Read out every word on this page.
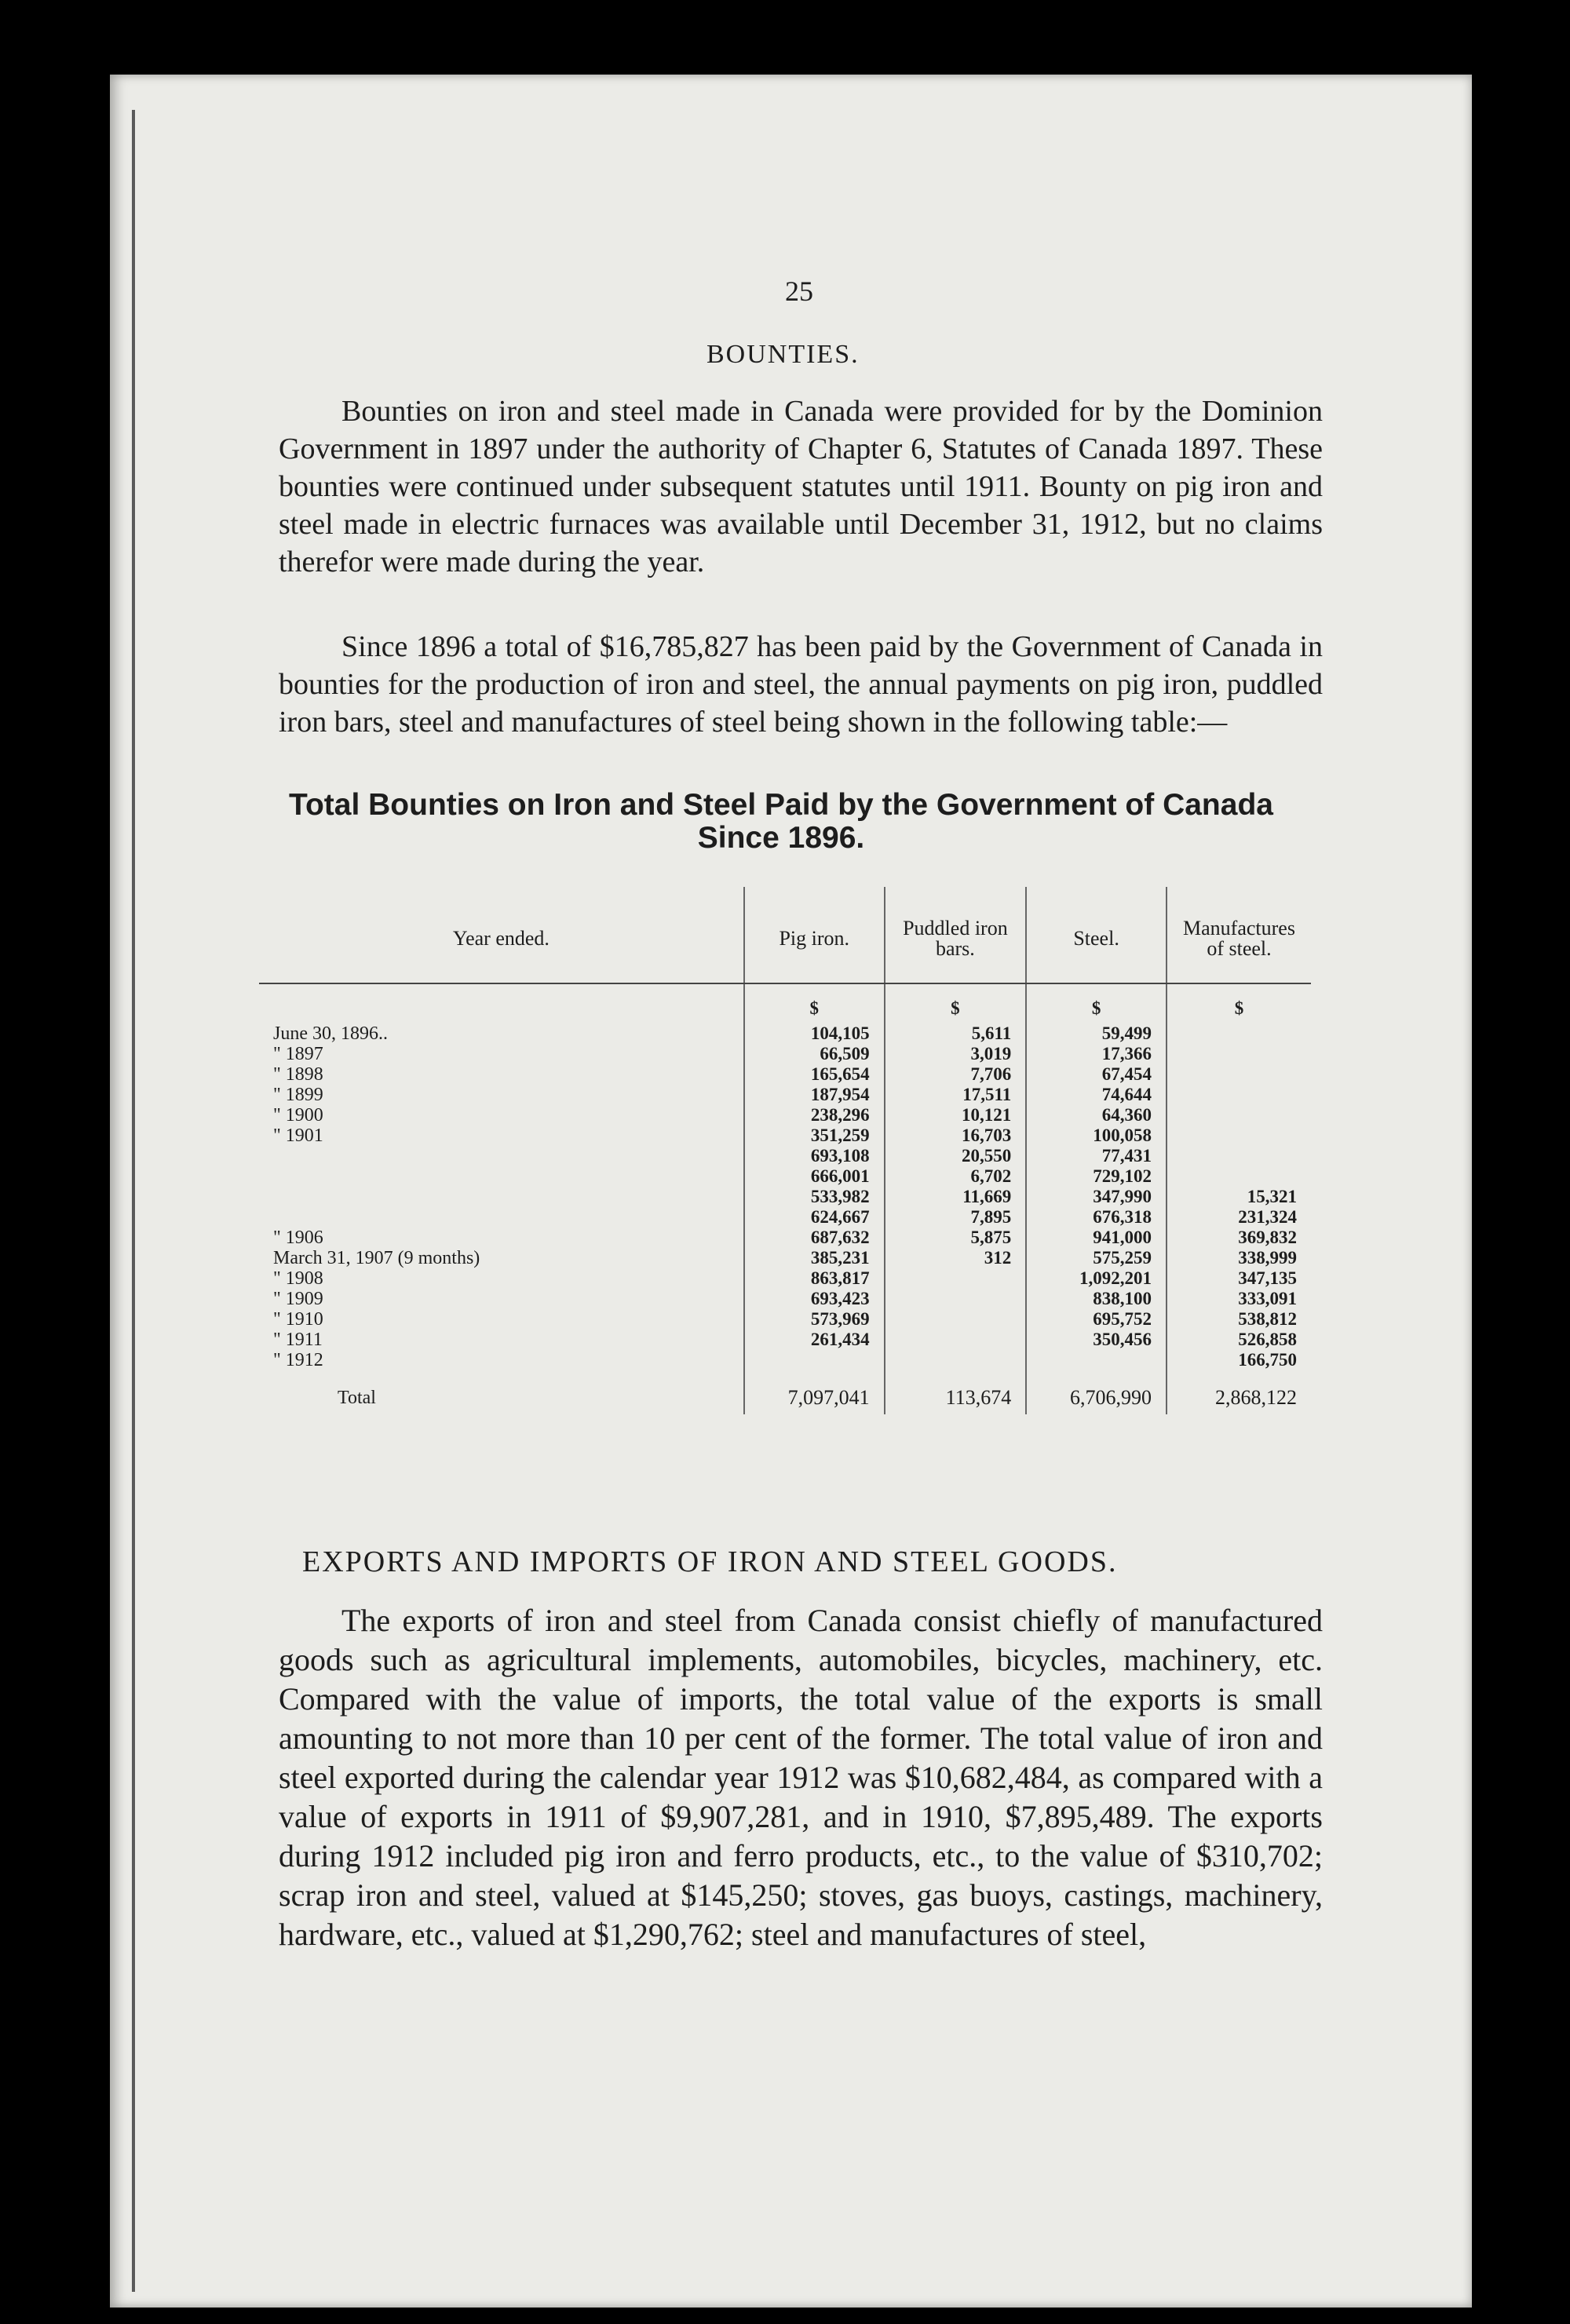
25
BOUNTIES.

Bounties on iron and steel made in Canada were provided for by the Dominion Government in 1897 under the authority of Chapter 6, Statutes of Canada 1897. These bounties were continued under subsequent statutes until 1911. Bounty on pig iron and steel made in electric furnaces was available until December 31, 1912, but no claims therefor were made during the year.

Since 1896 a total of $16,785,827 has been paid by the Government of Canada in bounties for the production of iron and steel, the annual payments on pig iron, puddled iron bars, steel and manufactures of steel being shown in the following table:—

Total Bounties on Iron and Steel Paid by the Government of Canada Since 1896.
Year ended.	Pig iron.	Puddled iron bars.	Steel.	Manufactures of steel.
	$	$	$	$
June 30, 1896..	104,105	5,611	59,499	
" 1897	66,509	3,019	17,366	
" 1898	165,654	7,706	67,454	
" 1899	187,954	17,511	74,644	
" 1900	238,296	10,121	64,360	
" 1901	351,259	16,703	100,058	
	693,108	20,550	77,431	
	666,001	6,702	729,102	
	533,982	11,669	347,990	15,321
	624,667	7,895	676,318	231,324
" 1906	687,632	5,875	941,000	369,832
March 31, 1907 (9 months)	385,231	312	575,259	338,999
" 1908	863,817		1,092,201	347,135
" 1909	693,423		838,100	333,091
" 1910	573,969		695,752	538,812
" 1911	261,434		350,456	526,858
" 1912				166,750
Total	7,097,041	113,674	6,706,990	2,868,122
EXPORTS AND IMPORTS OF IRON AND STEEL GOODS.

The exports of iron and steel from Canada consist chiefly of manufactured goods such as agricultural implements, automobiles, bicycles, machinery, etc. Compared with the value of imports, the total value of the exports is small amounting to not more than 10 per cent of the former. The total value of iron and steel exported during the calendar year 1912 was $10,682,484, as compared with a value of exports in 1911 of $9,907,281, and in 1910, $7,895,489. The exports during 1912 included pig iron and ferro products, etc., to the value of $310,702; scrap iron and steel, valued at $145,250; stoves, gas buoys, castings, machinery, hardware, etc., valued at $1,290,762; steel and manufactures of steel,
